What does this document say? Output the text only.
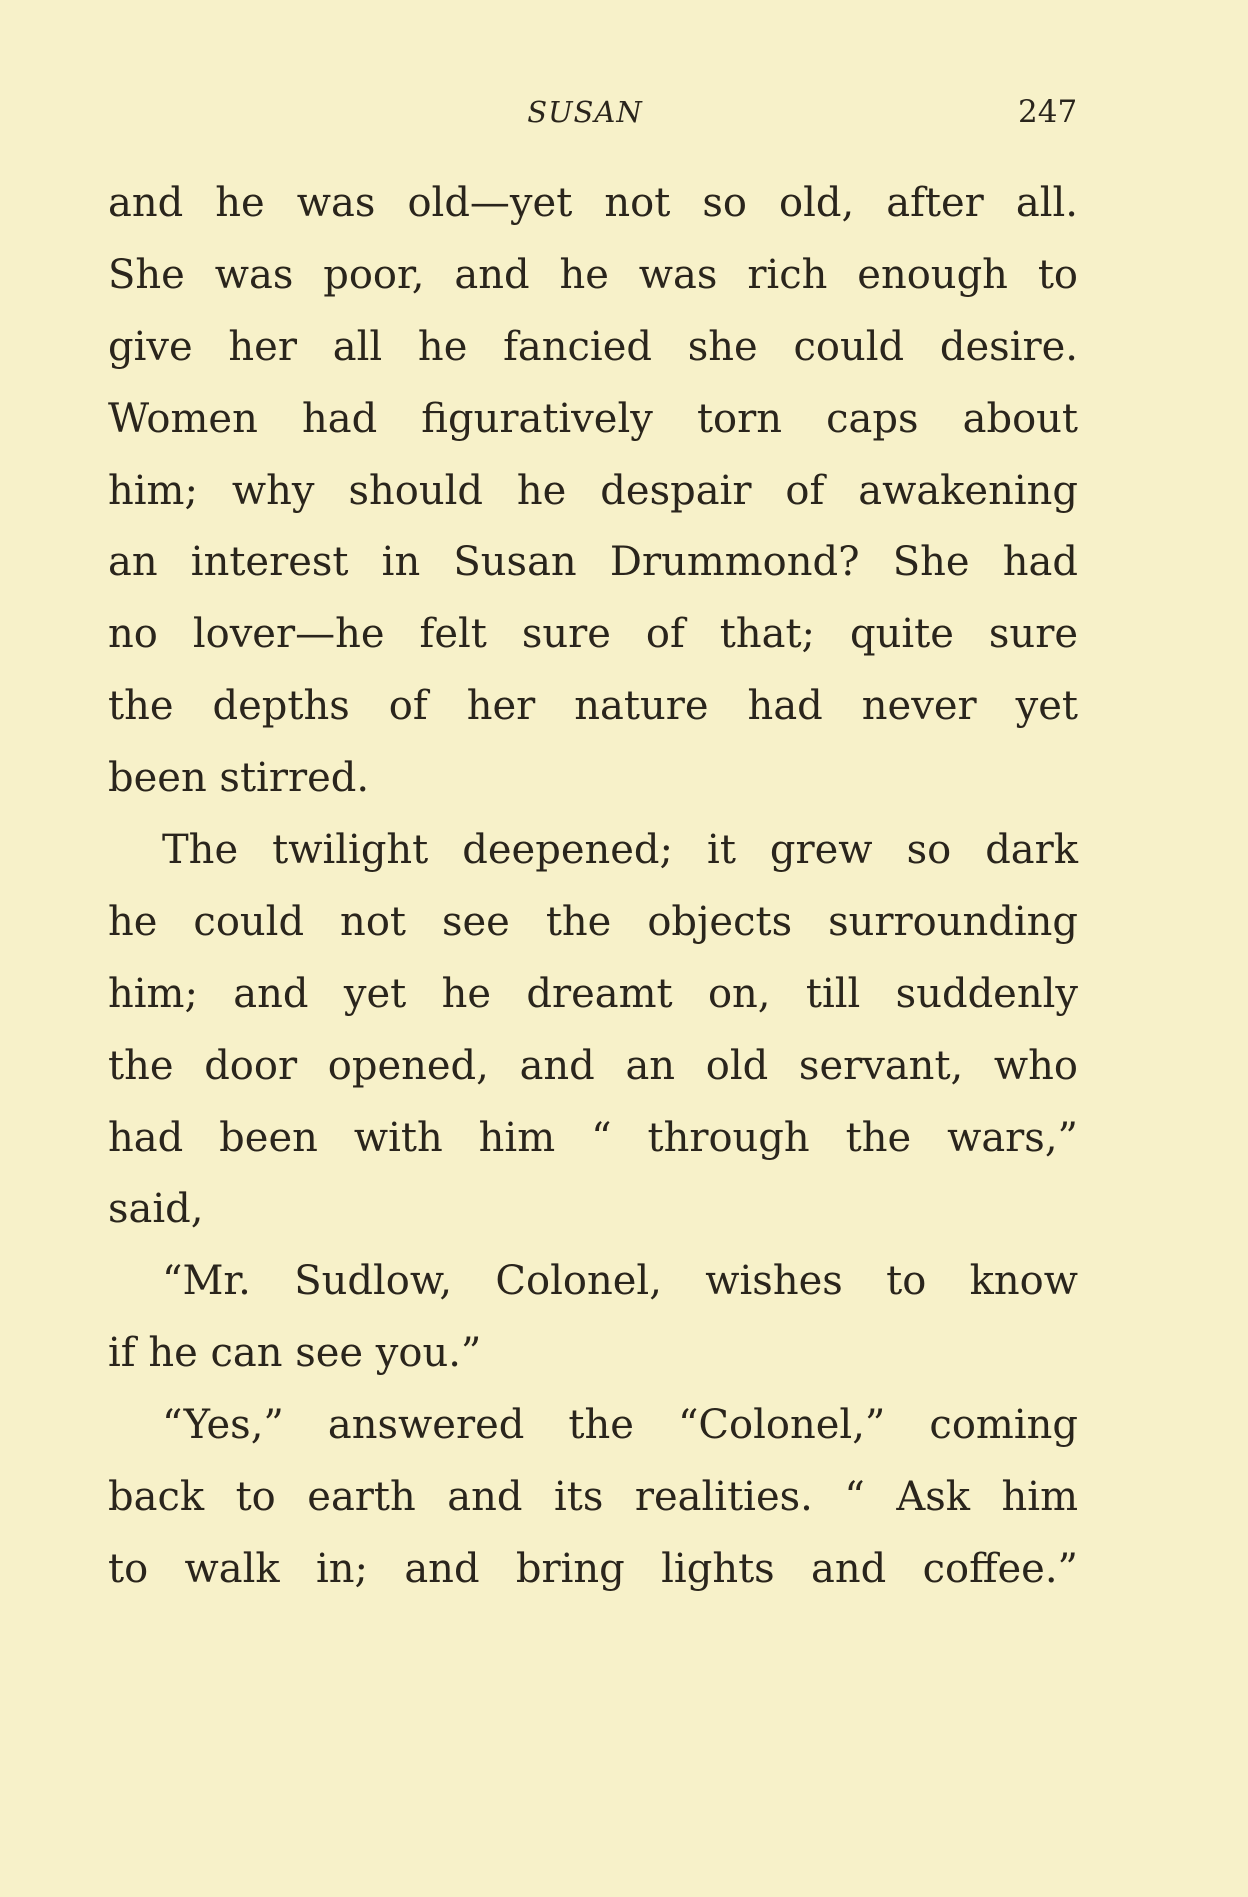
SUSAN	247
and he was old—yet not so old, after all.
She was poor, and he was rich enough to
give her all he fancied she could desire.
Women had figuratively torn caps about
him; why should he despair of awakening
an interest in Susan Drummond? She had
no lover—he felt sure of that; quite sure
the depths of her nature had never yet
been stirred.
The twilight deepened; it grew so dark
he could not see the objects surrounding
him; and yet he dreamt on, till suddenly
the door opened, and an old servant, who
had been with him “ through the wars,”
said,
“Mr. Sudlow, Colonel, wishes to know
if he can see you.”
“Yes,” answered the “Colonel,” coming
back to earth and its realities. “ Ask him
to walk in; and bring lights and coffee.”
